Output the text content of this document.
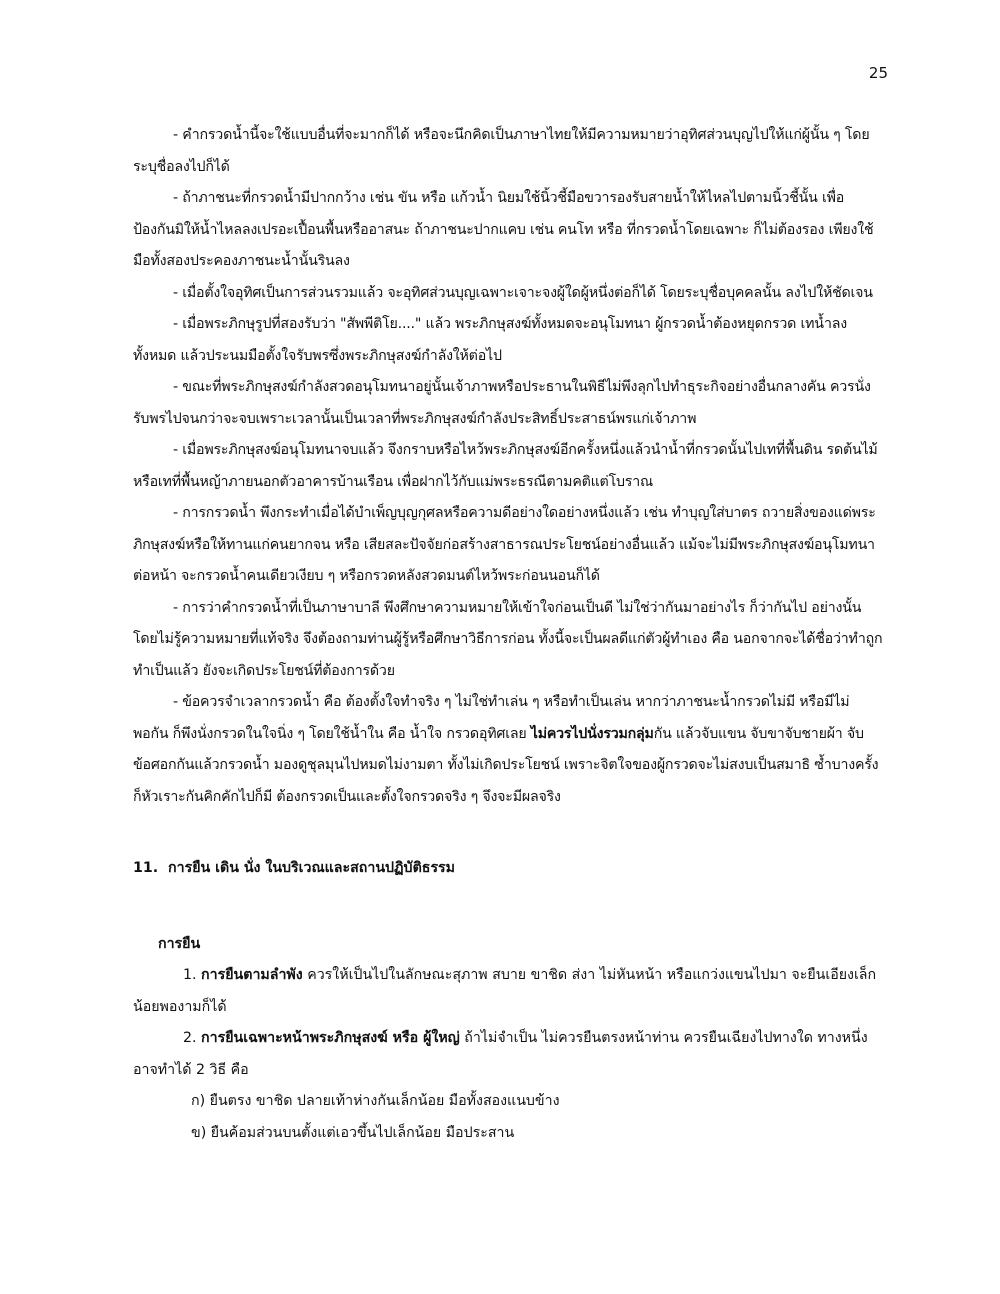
25

- คำกรวดน้ำนี้จะใช้แบบอื่นที่จะมากก็ได้ หรือจะนึกคิดเป็นภาษาไทยให้มีความหมายว่าอุทิศส่วนบุญไปให้แก่ผู้นั้น ๆ โดยระบุชื่อลงไปก็ได้

- ถ้าภาชนะที่กรวดน้ำมีปากกว้าง เช่น ขัน หรือ แก้วน้ำ นิยมใช้นิ้วชี้มือขวารองรับสายน้ำให้ไหลไปตามนิ้วชี้นั้น เพื่อป้องกันมิให้น้ำไหลลงเปรอะเปื้อนพื้นหรืออาสนะ ถ้าภาชนะปากแคบ เช่น คนโท หรือ ที่กรวดน้ำโดยเฉพาะ ก็ไม่ต้องรอง เพียงใช้มือทั้งสองประคองภาชนะน้ำนั้นรินลง

- เมื่อตั้งใจอุทิศเป็นการส่วนรวมแล้ว จะอุทิศส่วนบุญเฉพาะเจาะจงผู้ใดผู้หนึ่งต่อก็ได้ โดยระบุชื่อบุคคลนั้น ลงไปให้ชัดเจน

- เมื่อพระภิกษุรูปที่สองรับว่า "สัพพีติโย...." แล้ว พระภิกษุสงฆ์ทั้งหมดจะอนุโมทนา ผู้กรวดน้ำต้องหยุดกรวด เทน้ำลงทั้งหมด แล้วประนมมือตั้งใจรับพรซึ่งพระภิกษุสงฆ์กำลังให้ต่อไป

- ขณะที่พระภิกษุสงฆ์กำลังสวดอนุโมทนาอยู่นั้นเจ้าภาพหรือประธานในพิธีไม่พึงลุกไปทำธุระกิจอย่างอื่นกลางคัน ควรนั่งรับพรไปจนกว่าจะจบเพราะเวลานั้นเป็นเวลาที่พระภิกษุสงฆ์กำลังประสิทธิ์ประสาธน์พรแก่เจ้าภาพ

- เมื่อพระภิกษุสงฆ์อนุโมทนาจบแล้ว จึงกราบหรือไหว้พระภิกษุสงฆ์อีกครั้งหนึ่งแล้วนำน้ำที่กรวดนั้นไปเทที่พื้นดิน รดต้นไม้ หรือเทที่พื้นหญ้าภายนอกตัวอาคารบ้านเรือน เพื่อฝากไว้กับแม่พระธรณีตามคติแต่โบราณ

- การกรวดน้ำ พึงกระทำเมื่อได้บำเพ็ญบุญกุศลหรือความดีอย่างใดอย่างหนึ่งแล้ว เช่น ทำบุญใส่บาตร ถวายสิ่งของแด่พระภิกษุสงฆ์หรือให้ทานแก่คนยากจน หรือ เสียสละปัจจัยก่อสร้างสาธารณประโยชน์อย่างอื่นแล้ว แม้จะไม่มีพระภิกษุสงฆ์อนุโมทนาต่อหน้า จะกรวดน้ำคนเดียวเงียบ ๆ หรือกรวดหลังสวดมนต์ไหว้พระก่อนนอนก็ได้

- การว่าคำกรวดน้ำที่เป็นภาษาบาลี พึงศึกษาความหมายให้เข้าใจก่อนเป็นดี ไม่ใช่ว่ากันมาอย่างไร ก็ว่ากันไป อย่างนั้น โดยไม่รู้ความหมายที่แท้จริง จึงต้องถามท่านผู้รู้หรือศึกษาวิธีการก่อน ทั้งนี้จะเป็นผลดีแก่ตัวผู้ทำเอง คือ นอกจากจะได้ชื่อว่าทำถูกทำเป็นแล้ว ยังจะเกิดประโยชน์ที่ต้องการด้วย

- ข้อควรจำเวลากรวดน้ำ คือ ต้องตั้งใจทำจริง ๆ ไม่ใช่ทำเล่น ๆ หรือทำเป็นเล่น หากว่าภาชนะน้ำกรวดไม่มี หรือมีไม่พอกัน ก็พึงนั่งกรวดในใจนิ่ง ๆ โดยใช้น้ำใน คือ น้ำใจ กรวดอุทิศเลย ไม่ควรไปนั่งรวมกลุ่มกัน แล้วจับแขน จับขาจับชายผ้า จับข้อศอกกันแล้วกรวดน้ำ มองดูชุลมุนไปหมดไม่งามตา ทั้งไม่เกิดประโยชน์ เพราะจิตใจของผู้กรวดจะไม่สงบเป็นสมาธิ ซ้ำบางครั้งก็หัวเราะกันคิกคักไปก็มี ต้องกรวดเป็นและตั้งใจกรวดจริง ๆ จึงจะมีผลจริง

11. การยืน เดิน นั่ง ในบริเวณและสถานปฏิบัติธรรม

การยืน

1. การยืนตามลำพัง ควรให้เป็นไปในลักษณะสุภาพ สบาย ขาชิด ส่งา ไม่หันหน้า หรือแกว่งแขนไปมา จะยืนเอียงเล็กน้อยพองามก็ได้

2. การยืนเฉพาะหน้าพระภิกษุสงฆ์ หรือ ผู้ใหญ่ ถ้าไม่จำเป็น ไม่ควรยืนตรงหน้าท่าน ควรยืนเฉียงไปทางใด ทางหนึ่ง อาจทำได้ 2 วิธี คือ

ก) ยืนตรง ขาชิด ปลายเท้าห่างกันเล็กน้อย มือทั้งสองแนบข้าง

ข) ยืนค้อมส่วนบนตั้งแต่เอวขึ้นไปเล็กน้อย มือประสาน
